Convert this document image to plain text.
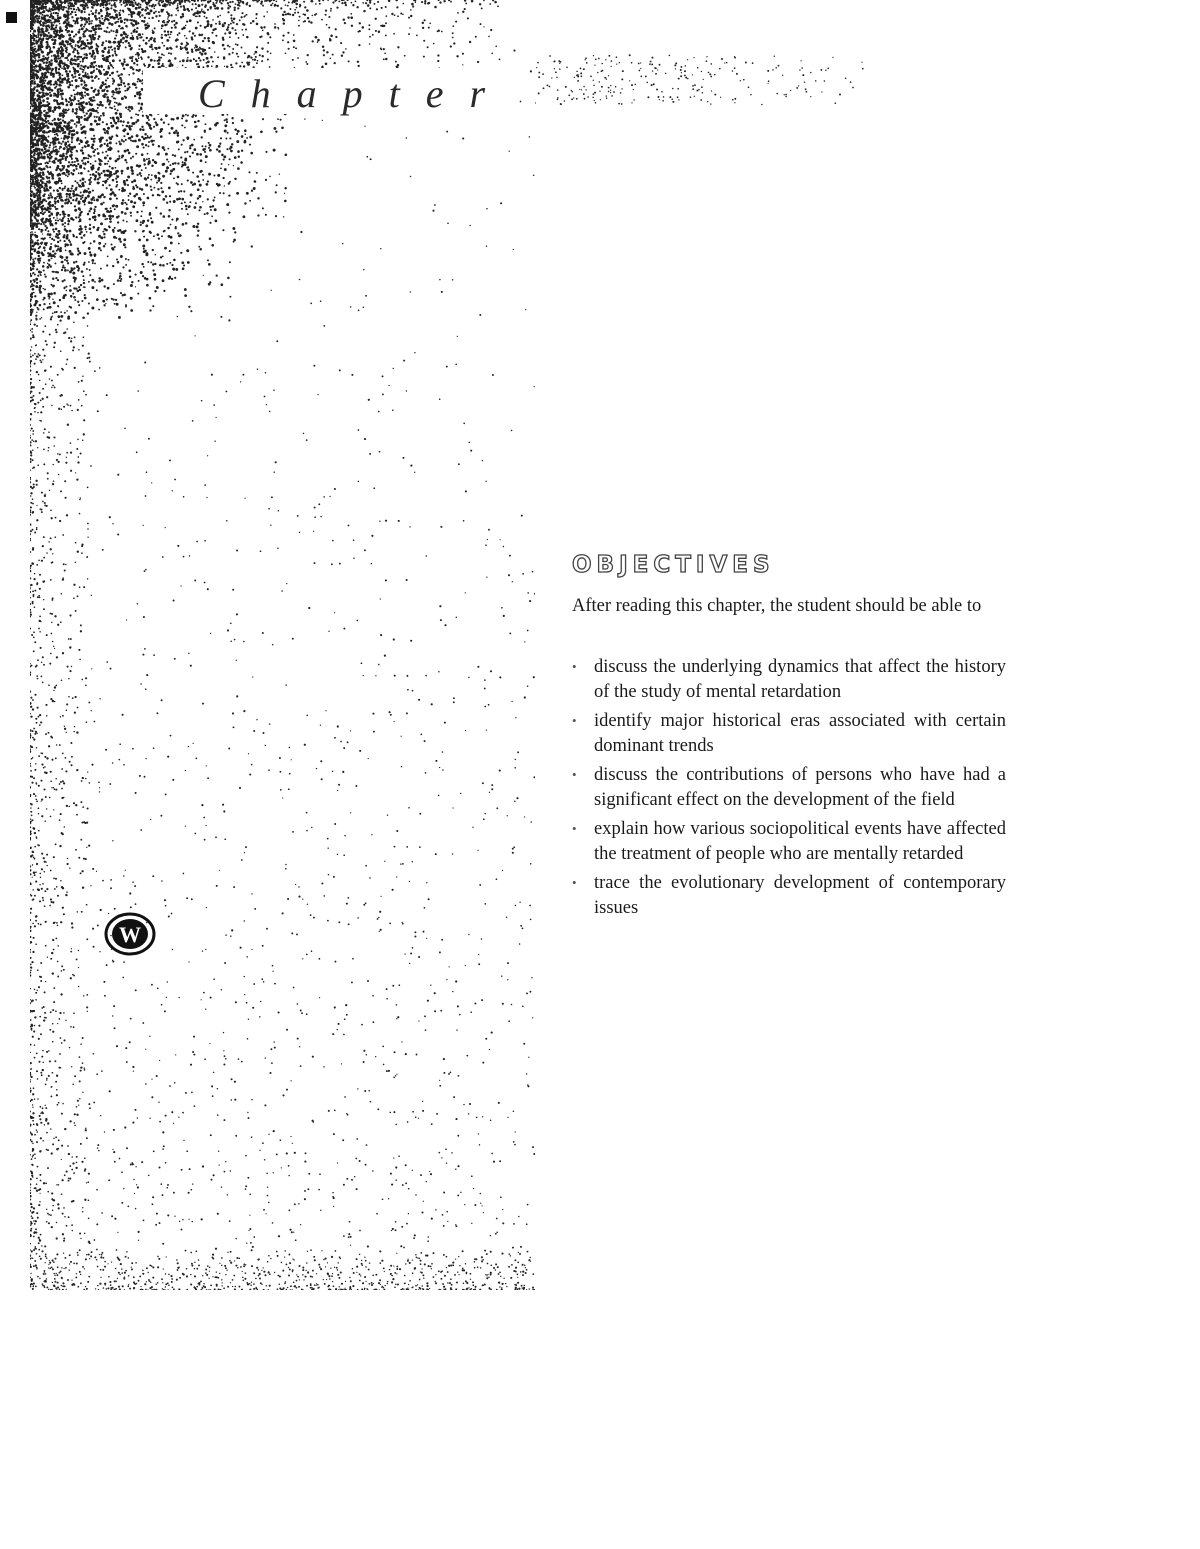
Chapter
W
OBJECTIVES
After reading this chapter, the student should be able to
• discuss the underlying dynamics that affect the history of the study of mental retardation
• identify major historical eras associated with certain dominant trends
• discuss the contributions of persons who have had a significant effect on the development of the field
• explain how various sociopolitical events have affected the treatment of people who are mentally retarded
• trace the evolutionary development of contemporary issues
